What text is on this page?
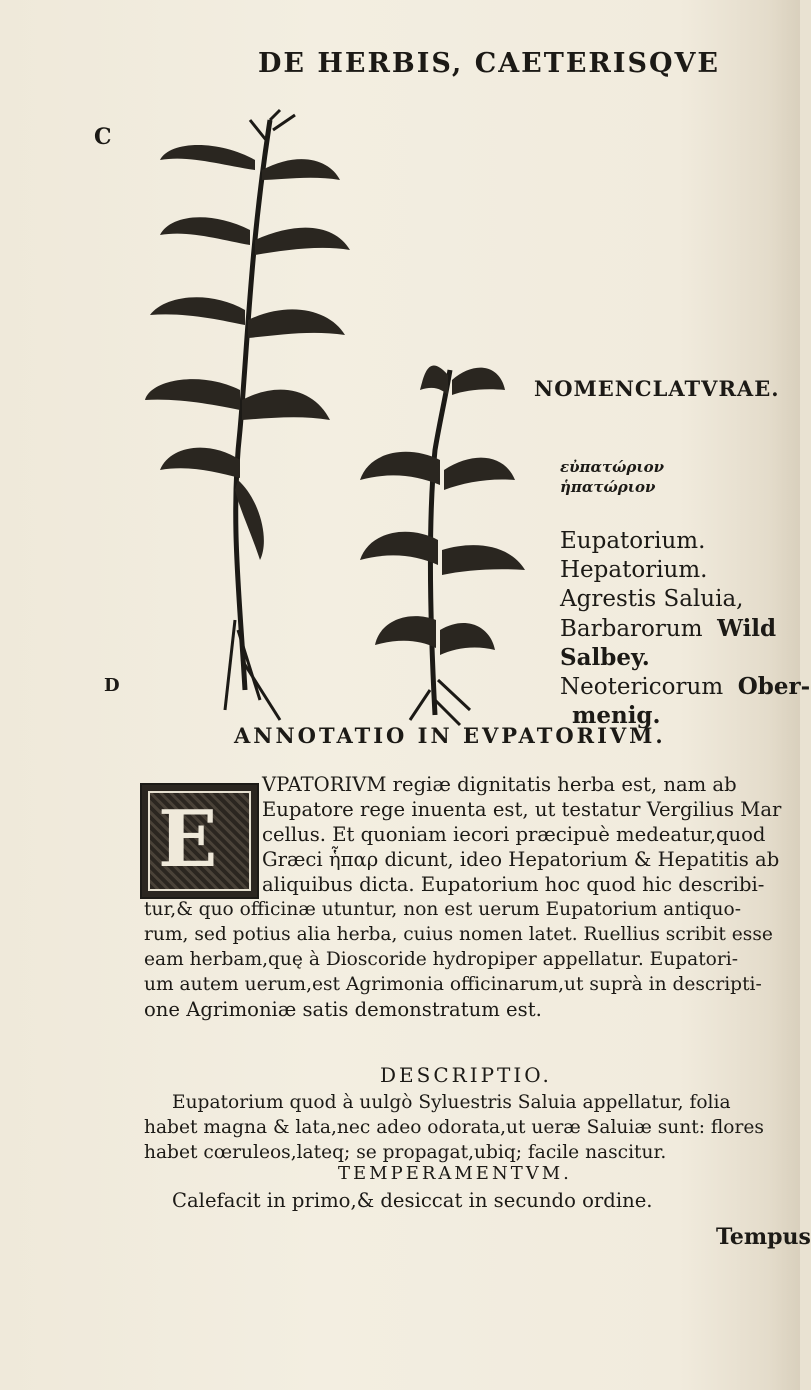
DE HERBIS, CAETERISQVE
C
D
NOMENCLATVRAE.
εὐπατώριον
ἡπατώριον
Eupatorium.
Hepatorium.
Agrestis Saluia,
Barbarorum Wild
Salbey.
Neotericorum Ober-
menig.
ANNOTATIO IN EVPATORIVM.
E
VPATORIVM regiæ dignitatis herba est, nam ab
Eupatore rege inuenta est, ut testatur Vergilius Mar
cellus. Et quoniam iecori præcipuè medeatur,quod
Græci ἧπαρ dicunt, ideo Hepatorium & Hepatitis ab
aliquibus dicta. Eupatorium hoc quod hic describi-
tur,& quo officinæ utuntur, non est uerum Eupatorium antiquo-
rum, sed potius alia herba, cuius nomen latet. Ruellius scribit esse
eam herbam,quę à Dioscoride hydropiper appellatur. Eupatori-
um autem uerum,est Agrimonia officinarum,ut suprà in descripti-
one Agrimoniæ satis demonstratum est.
DESCRIPTIO.
Eupatorium quod à uulgò Syluestris Saluia appellatur, folia
habet magna & lata,nec adeo odorata,ut ueræ Saluiæ sunt: flores
habet cœruleos,lateq; se propagat,ubiq; facile nascitur.
TEMPERAMENTVM.
Calefacit in primo,& desiccat in secundo ordine.
Tempus
